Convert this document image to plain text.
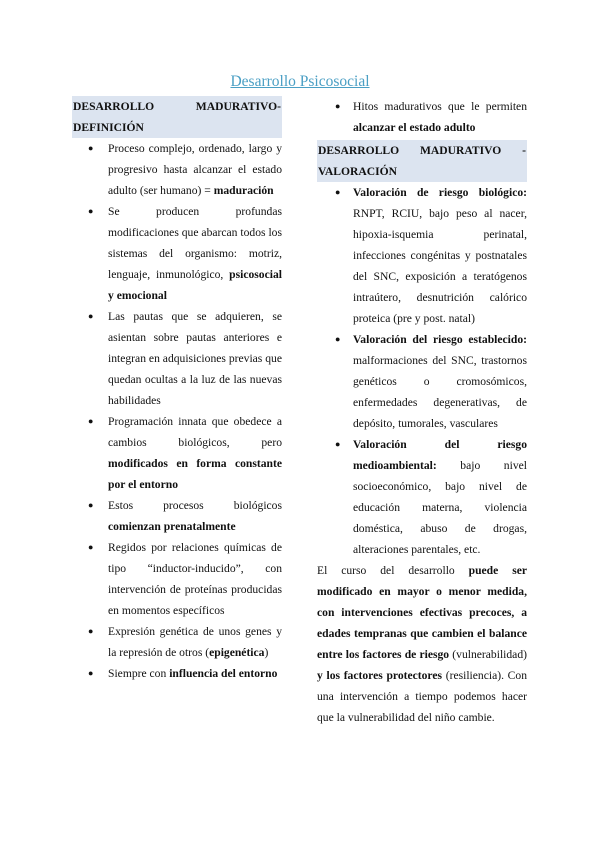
Desarrollo Psicosocial
DESARROLLO MADURATIVO-DEFINICIÓN
● Proceso complejo, ordenado, largo y progresivo hasta alcanzar el estado adulto (ser humano) = maduración
● Se producen profundas modificaciones que abarcan todos los sistemas del organismo: motriz, lenguaje, inmunológico, psicosocial y emocional
● Las pautas que se adquieren, se asientan sobre pautas anteriores e integran en adquisiciones previas que quedan ocultas a la luz de las nuevas habilidades
● Programación innata que obedece a cambios biológicos, pero modificados en forma constante por el entorno
● Estos procesos biológicos comienzan prenatalmente
● Regidos por relaciones químicas de tipo “inductor-inducido”, con intervención de proteínas producidas en momentos específicos
● Expresión genética de unos genes y la represión de otros (epigenética)
● Siempre con influencia del entorno
● Hitos madurativos que le permiten alcanzar el estado adulto
DESARROLLO MADURATIVO - VALORACIÓN
● Valoración de riesgo biológico: RNPT, RCIU, bajo peso al nacer, hipoxia-isquemia perinatal, infecciones congénitas y postnatales del SNC, exposición a teratógenos intraútero, desnutrición calórico proteica (pre y post. natal)
● Valoración del riesgo establecido: malformaciones del SNC, trastornos genéticos o cromosómicos, enfermedades degenerativas, de depósito, tumorales, vasculares
● Valoración del riesgo medioambiental: bajo nivel socioeconómico, bajo nivel de educación materna, violencia doméstica, abuso de drogas, alteraciones parentales, etc.
El curso del desarrollo puede ser modificado en mayor o menor medida, con intervenciones efectivas precoces, a edades tempranas que cambien el balance entre los factores de riesgo (vulnerabilidad) y los factores protectores (resiliencia). Con una intervención a tiempo podemos hacer que la vulnerabilidad del niño cambie.
